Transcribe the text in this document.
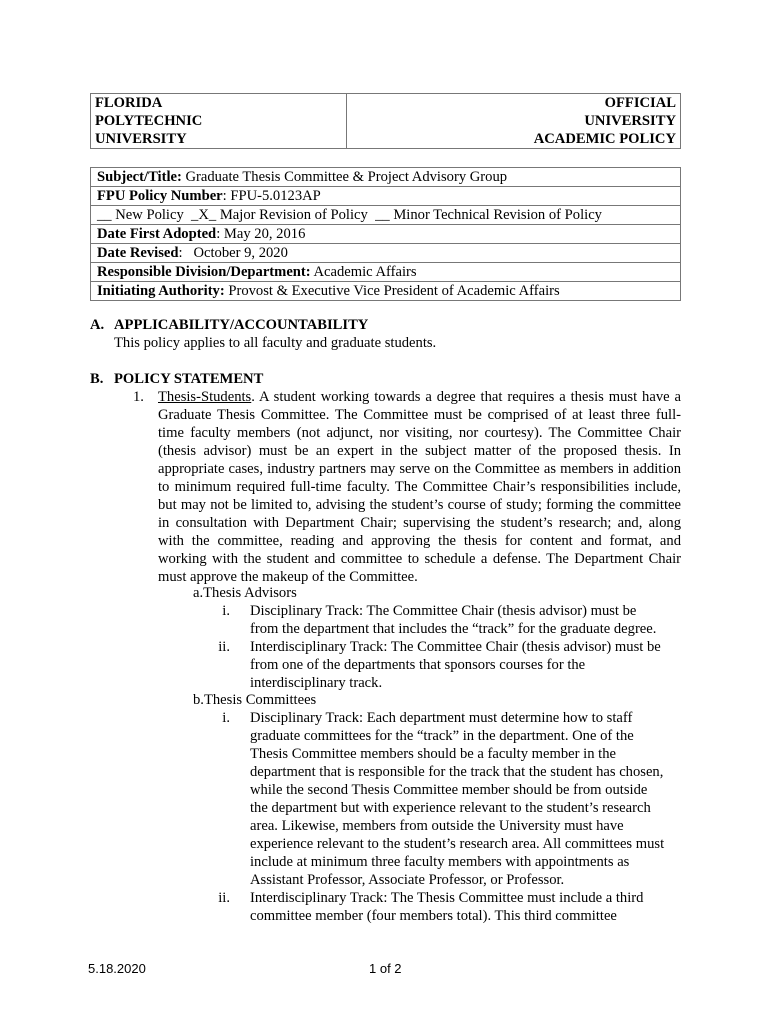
FLORIDA
POLYTECHNIC
UNIVERSITY

OFFICIAL
UNIVERSITY
ACADEMIC POLICY
Subject/Title: Graduate Thesis Committee & Project Advisory Group
FPU Policy Number: FPU-5.0123AP
__ New Policy  _X_ Major Revision of Policy  __ Minor Technical Revision of Policy
Date First Adopted: May 20, 2016
Date Revised:   October 9, 2020
Responsible Division/Department: Academic Affairs
Initiating Authority: Provost & Executive Vice President of Academic Affairs
A. APPLICABILITY/ACCOUNTABILITY
This policy applies to all faculty and graduate students.
B. POLICY STATEMENT
1. Thesis-Students. A student working towards a degree that requires a thesis must have a Graduate Thesis Committee. The Committee must be comprised of at least three full-time faculty members (not adjunct, nor visiting, nor courtesy). The Committee Chair (thesis advisor) must be an expert in the subject matter of the proposed thesis. In appropriate cases, industry partners may serve on the Committee as members in addition to minimum required full-time faculty. The Committee Chair’s responsibilities include, but may not be limited to, advising the student’s course of study; forming the committee in consultation with Department Chair; supervising the student’s research; and, along with the committee, reading and approving the thesis for content and format, and working with the student and committee to schedule a defense. The Department Chair must approve the makeup of the Committee.
a.Thesis Advisors
i. Disciplinary Track: The Committee Chair (thesis advisor) must be
from the department that includes the “track” for the graduate degree.
ii. Interdisciplinary Track: The Committee Chair (thesis advisor) must be
from one of the departments that sponsors courses for the
interdisciplinary track.
b.Thesis Committees
i. Disciplinary Track: Each department must determine how to staff
graduate committees for the “track” in the department. One of the
Thesis Committee members should be a faculty member in the
department that is responsible for the track that the student has chosen,
while the second Thesis Committee member should be from outside
the department but with experience relevant to the student’s research
area. Likewise, members from outside the University must have
experience relevant to the student’s research area. All committees must
include at minimum three faculty members with appointments as
Assistant Professor, Associate Professor, or Professor.
ii. Interdisciplinary Track: The Thesis Committee must include a third
committee member (four members total). This third committee
5.18.2020	1 of 2
